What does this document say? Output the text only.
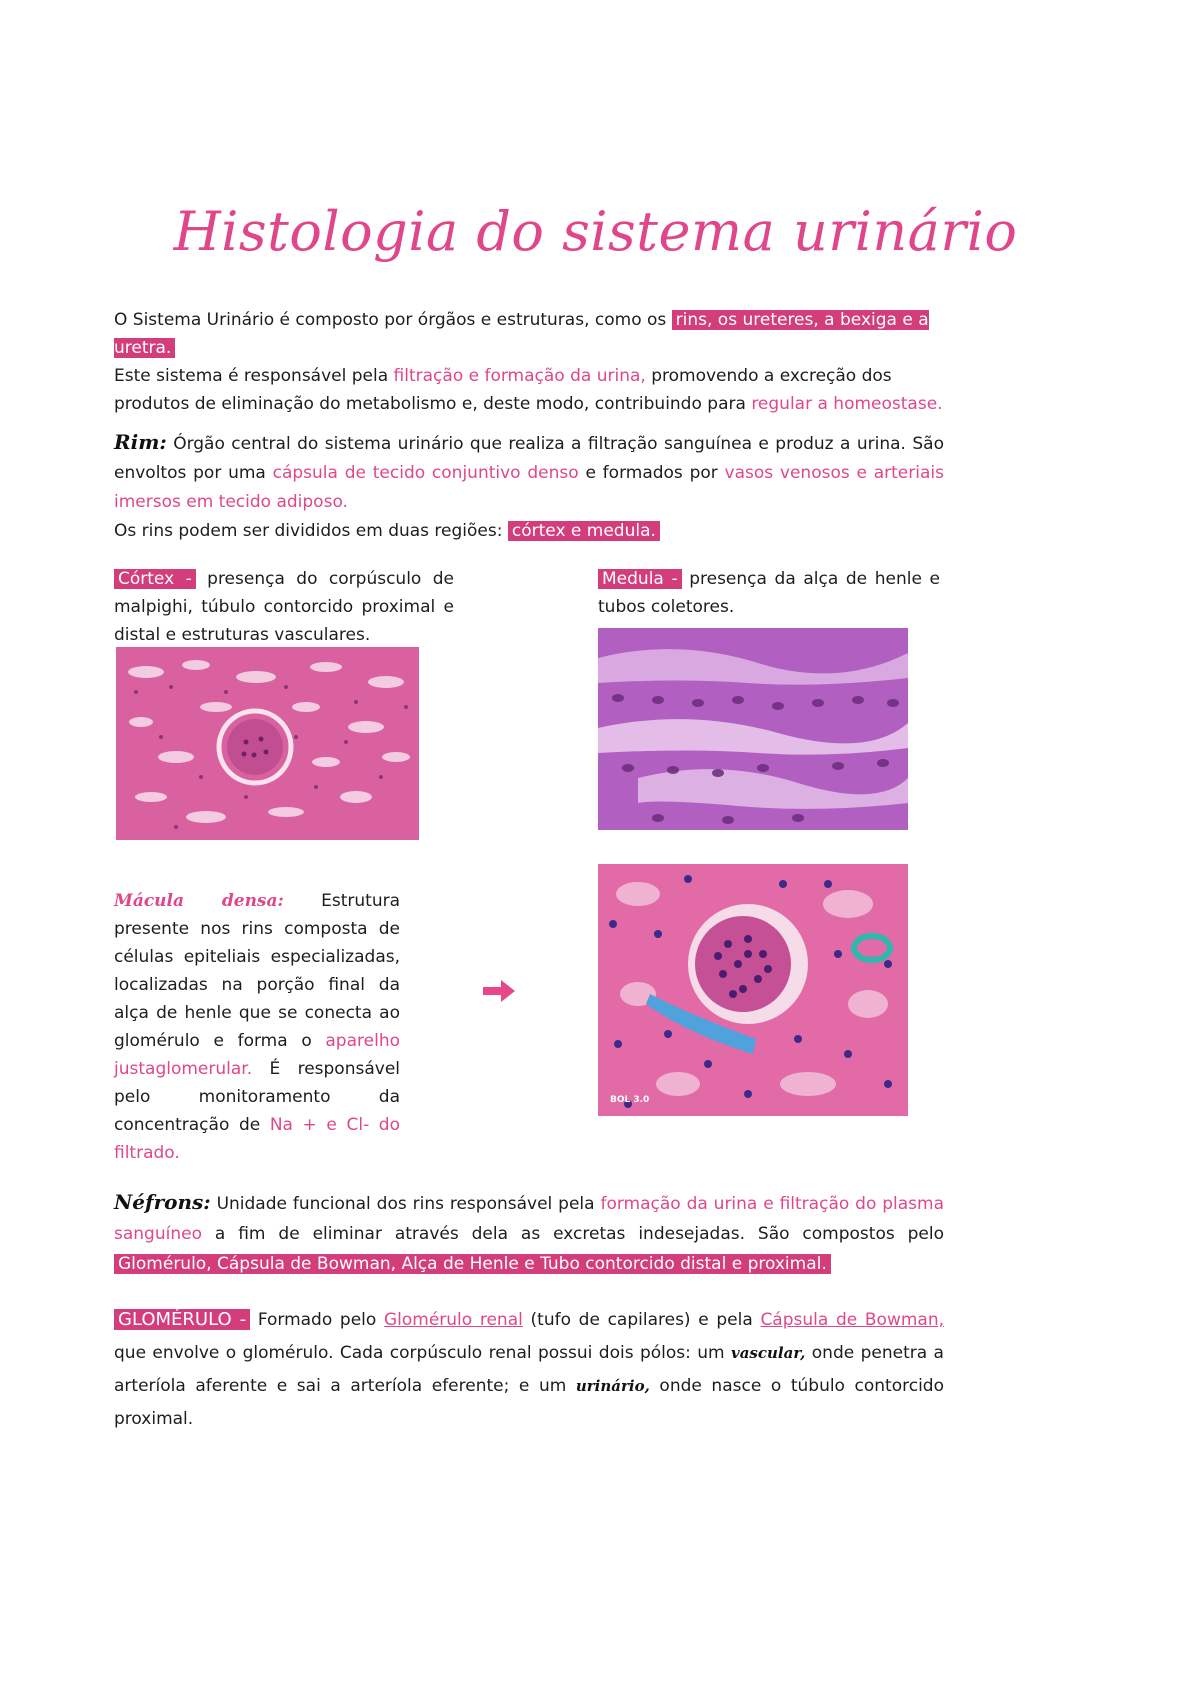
Histologia do sistema urinário
O Sistema Urinário é composto por órgãos e estruturas, como os rins, os ureteres, a bexiga e a uretra.
Este sistema é responsável pela filtração e formação da urina, promovendo a excreção dos produtos de eliminação do metabolismo e, deste modo, contribuindo para regular a homeostase.
Rim: Órgão central do sistema urinário que realiza a filtração sanguínea e produz a urina. São envoltos por uma cápsula de tecido conjuntivo denso e formados por vasos venosos e arteriais imersos em tecido adiposo.
Os rins podem ser divididos em duas regiões: córtex e medula.
Córtex - presença do corpúsculo de malpighi, túbulo contorcido proximal e distal e estruturas vasculares.
Medula - presença da alça de henle e tubos coletores.
Mácula densa: Estrutura presente nos rins composta de células epiteliais especializadas, localizadas na porção final da alça de henle que se conecta ao glomérulo e forma o aparelho justaglomerular. É responsável pelo monitoramento da concentração de Na + e Cl- do filtrado.
BOL 3.0
Néfrons: Unidade funcional dos rins responsável pela formação da urina e filtração do plasma sanguíneo a fim de eliminar através dela as excretas indesejadas. São compostos pelo Glomérulo, Cápsula de Bowman, Alça de Henle e Tubo contorcido distal e proximal.
GLOMÉRULO - Formado pelo Glomérulo renal (tufo de capilares) e pela Cápsula de Bowman, que envolve o glomérulo. Cada corpúsculo renal possui dois pólos: um vascular, onde penetra a arteríola aferente e sai a arteríola eferente; e um urinário, onde nasce o túbulo contorcido proximal.
